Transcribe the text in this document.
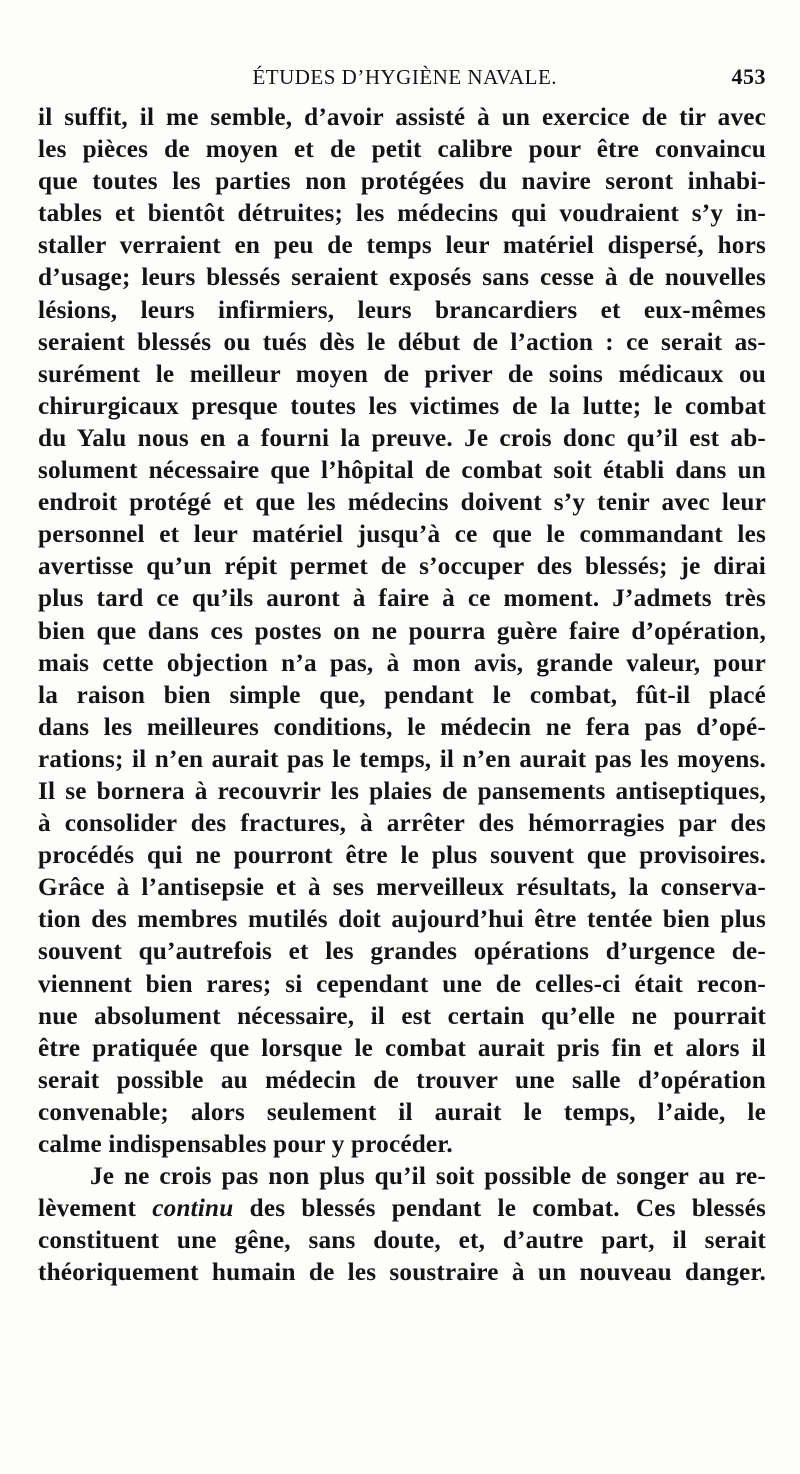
ÉTUDES D’HYGIÈNE NAVALE.	453
il suffit, il me semble, d’avoir assisté à un exercice de tir avec
les pièces de moyen et de petit calibre pour être convaincu
que toutes les parties non protégées du navire seront inhabi-
tables et bientôt détruites; les médecins qui voudraient s’y in-
staller verraient en peu de temps leur matériel dispersé, hors
d’usage; leurs blessés seraient exposés sans cesse à de nouvelles
lésions, leurs infirmiers, leurs brancardiers et eux-mêmes
seraient blessés ou tués dès le début de l’action : ce serait as-
surément le meilleur moyen de priver de soins médicaux ou
chirurgicaux presque toutes les victimes de la lutte; le combat
du Yalu nous en a fourni la preuve. Je crois donc qu’il est ab-
solument nécessaire que l’hôpital de combat soit établi dans un
endroit protégé et que les médecins doivent s’y tenir avec leur
personnel et leur matériel jusqu’à ce que le commandant les
avertisse qu’un répit permet de s’occuper des blessés; je dirai
plus tard ce qu’ils auront à faire à ce moment. J’admets très
bien que dans ces postes on ne pourra guère faire d’opération,
mais cette objection n’a pas, à mon avis, grande valeur, pour
la raison bien simple que, pendant le combat, fût-il placé
dans les meilleures conditions, le médecin ne fera pas d’opé-
rations; il n’en aurait pas le temps, il n’en aurait pas les moyens.
Il se bornera à recouvrir les plaies de pansements antiseptiques,
à consolider des fractures, à arrêter des hémorragies par des
procédés qui ne pourront être le plus souvent que provisoires.
Grâce à l’antisepsie et à ses merveilleux résultats, la conserva-
tion des membres mutilés doit aujourd’hui être tentée bien plus
souvent qu’autrefois et les grandes opérations d’urgence de-
viennent bien rares; si cependant une de celles-ci était recon-
nue absolument nécessaire, il est certain qu’elle ne pourrait
être pratiquée que lorsque le combat aurait pris fin et alors il
serait possible au médecin de trouver une salle d’opération
convenable; alors seulement il aurait le temps, l’aide, le
calme indispensables pour y procéder.
Je ne crois pas non plus qu’il soit possible de songer au re-
lèvement continu des blessés pendant le combat. Ces blessés
constituent une gêne, sans doute, et, d’autre part, il serait
théoriquement humain de les soustraire à un nouveau danger.
